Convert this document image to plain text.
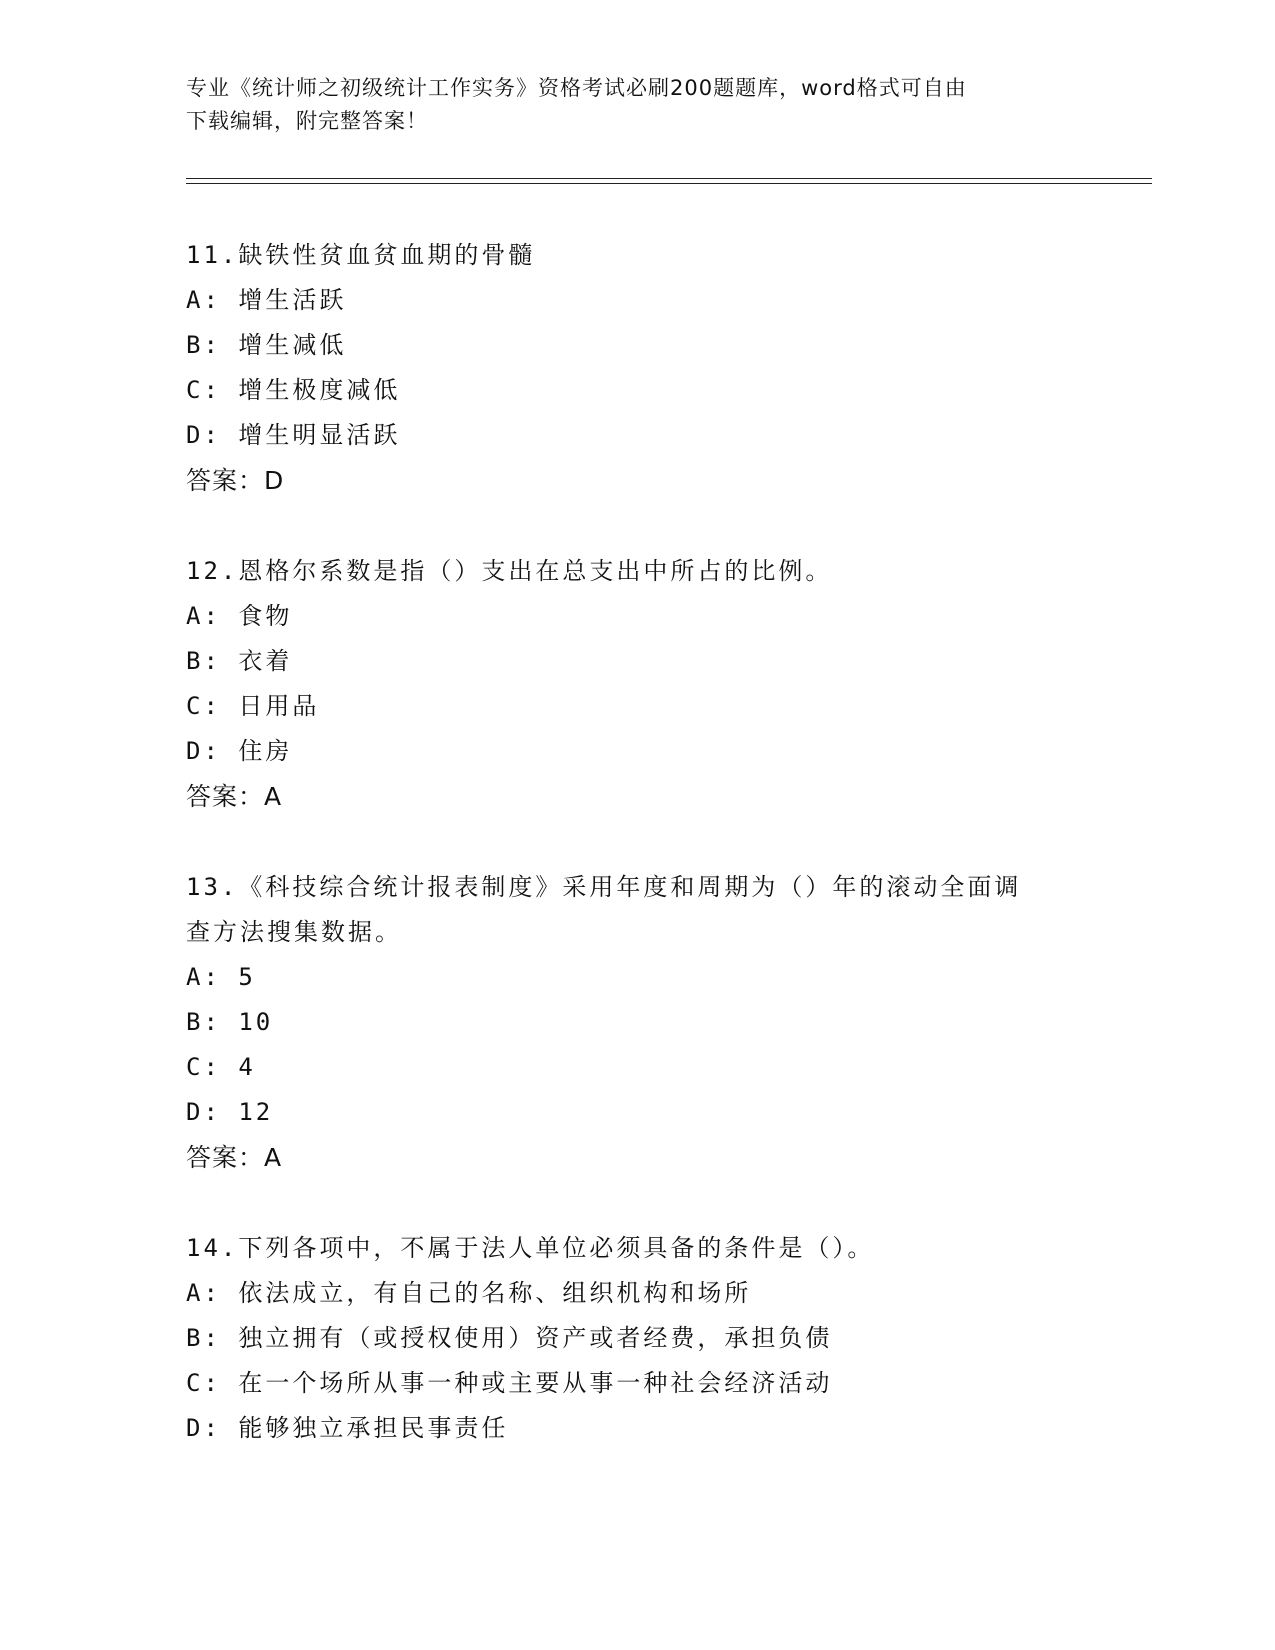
专业《统计师之初级统计工作实务》资格考试必刷200题题库，word格式可自由
下载编辑，附完整答案！
11.缺铁性贫血贫血期的骨髓
A: 增生活跃
B: 增生减低
C: 增生极度减低
D: 增生明显活跃
答案：D
12.恩格尔系数是指（）支出在总支出中所占的比例。
A: 食物
B: 衣着
C: 日用品
D: 住房
答案：A
13.《科技综合统计报表制度》采用年度和周期为（）年的滚动全面调
查方法搜集数据。
A: 5
B: 10
C: 4
D: 12
答案：A
14.下列各项中，不属于法人单位必须具备的条件是（）。
A: 依法成立，有自己的名称、组织机构和场所
B: 独立拥有（或授权使用）资产或者经费，承担负债
C: 在一个场所从事一种或主要从事一种社会经济活动
D: 能够独立承担民事责任
